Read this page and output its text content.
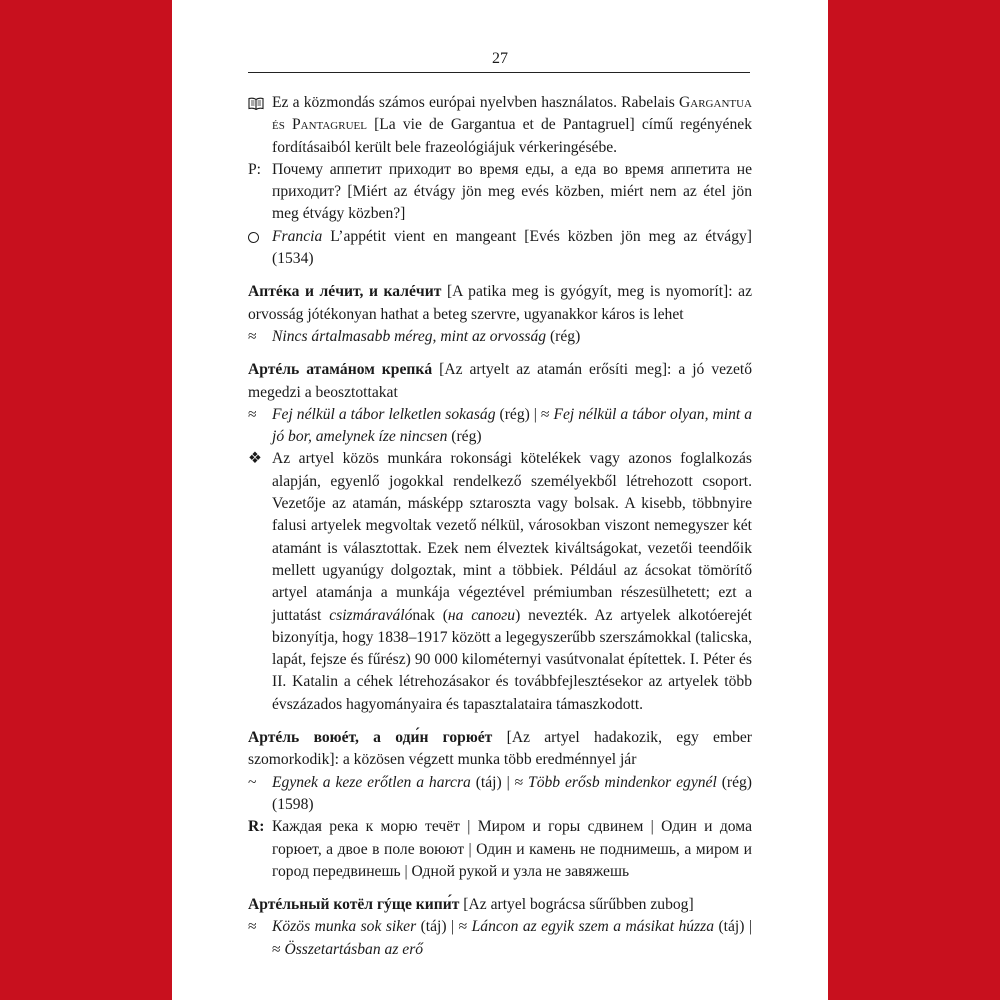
27
Ez a közmondás számos európai nyelvben használatos. Rabelais Gargantua és Pantagruel [La vie de Gargantua et de Pantagruel] című regényének fordításaiból került bele frazeológiájuk vérkeringésébe.
P: Почему аппетит приходит во время еды, а еда во время аппетита не приходит? [Miért az étvágy jön meg evés közben, miért nem az étel jön meg étvágy közben?]
Francia L’appétit vient en mangeant [Evés közben jön meg az étvágy] (1534)
Аптéка и лéчит, и калéчит [A patika meg is gyógyít, meg is nyomorít]: az orvosság jótékonyan hathat a beteg szervre, ugyanakkor káros is lehet
≈ Nincs ártalmasabb méreg, mint az orvosság (rég)
Артéль атамáном крепкá [Az artyelt az atamán erősíti meg]: a jó vezető megedzi a beosztottakat
≈ Fej nélkül a tábor lelketlen sokaság (rég) | ≈ Fej nélkül a tábor olyan, mint a jó bor, amelynek íze nincsen (rég)
❖ Az artyel közös munkára rokonsági kötelékek vagy azonos foglalkozás alapján, egyenlő jogokkal rendelkező személyekből létrehozott csoport. Vezetője az atamán, másképp sztaroszta vagy bolsak. A kisebb, többnyire falusi artyelek megvoltak vezető nélkül, városokban viszont nemegyszer két atamánt is választottak. Ezek nem élveztek kiváltságokat, vezetői teendőik mellett ugyanúgy dolgoztak, mint a többiek. Például az ácsokat tömörítő artyel atamánja a munkája végeztével prémiumban részesülhetett; ezt a juttatást csizmáraválónak (на сапоги) nevezték. Az artyelek alkotóerejét bizonyítja, hogy 1838–1917 között a legegyszerűbb szerszámokkal (talicska, lapát, fejsze és fűrész) 90 000 kilométernyi vasútvonalat építettek. I. Péter és II. Katalin a céhek létrehozásakor és továbbfejlesztésekor az artyelek több évszázados hagyományaira és tapasztalataira támaszkodott.
Артéль воюéт, а оди́н горюéт [Az artyel hadakozik, egy ember szomorkodik]: a közösen végzett munka több eredménnyel jár
~ Egynek a keze erőtlen a harcra (táj) | ≈ Több erősb mindenkor egynél (rég) (1598)
R: Каждая река к морю течёт | Миром и горы сдвинем | Один и дома горюет, а двое в поле воюют | Один и камень не поднимешь, а миром и город передвинешь | Одной рукой и узла не завяжешь
Артéльный котёл гýще кипи́т [Az artyel bográcsa sűrűbben zubog]
≈ Közös munka sok siker (táj) | ≈ Láncon az egyik szem a másikat húzza (táj) | ≈ Összetartásban az erő
